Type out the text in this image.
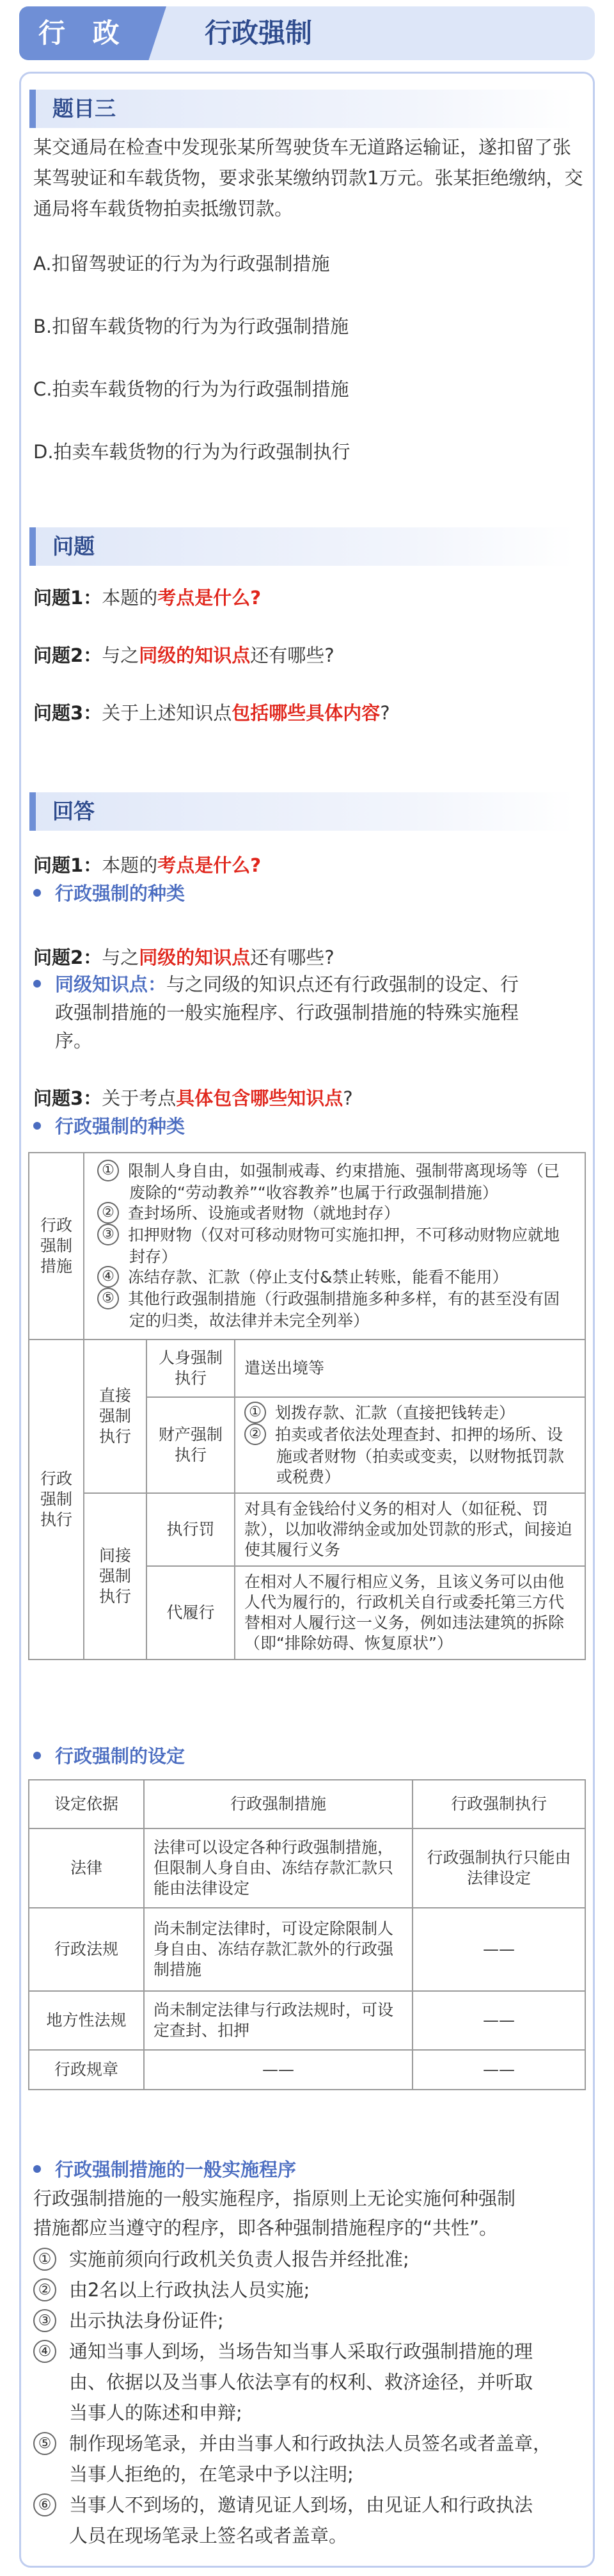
行 政	行政强制
题目三
某交通局在检查中发现张某所驾驶货车无道路运输证，遂扣留了张某驾驶证和车载货物，要求张某缴纳罚款1万元。张某拒绝缴纳，交通局将车载货物拍卖抵缴罚款。
A.扣留驾驶证的行为为行政强制措施
B.扣留车载货物的行为为行政强制措施
C.拍卖车载货物的行为为行政强制措施
D.拍卖车载货物的行为为行政强制执行
问题
问题1：本题的考点是什么?
问题2：与之同级的知识点还有哪些?
问题3：关于上述知识点包括哪些具体内容?
回答
问题1：本题的考点是什么?
行政强制的种类
问题2：与之同级的知识点还有哪些?
同级知识点：与之同级的知识点还有行政强制的设定、行
政强制措施的一般实施程序、行政强制措施的特殊实施程
序。
问题3：关于考点具体包含哪些知识点?
行政强制的种类
行政强制措施	① 限制人身自由，如强制戒毒、约束措施、强制带离现场等（已废除的“劳动教养”“收容教养”也属于行政强制措施）
② 查封场所、设施或者财物（就地封存）
③ 扣押财物（仅对可移动财物可实施扣押，不可移动财物应就地封存）
④ 冻结存款、汇款（停止支付&禁止转账，能看不能用）
⑤ 其他行政强制措施（行政强制措施多种多样，有的甚至没有固定的归类，故法律并未完全列举）		

行政强制执行	直接强制执行	人身强制执行	遣送出境等
		财产强制执行	① 划拨存款、汇款（直接把钱转走）
② 拍卖或者依法处理查封、扣押的场所、设施或者财物（拍卖或变卖，以财物抵罚款或税费）

	间接强制执行	执行罚	对具有金钱给付义务的相对人（如征税、罚款），以加收滞纳金或加处罚款的形式，间接迫使其履行义务
		代履行	在相对人不履行相应义务，且该义务可以由他人代为履行的，行政机关自行或委托第三方代替相对人履行这一义务，例如违法建筑的拆除（即“排除妨碍、恢复原状”）
行政强制的设定
设定依据	行政强制措施	行政强制执行
法律	法律可以设定各种行政强制措施，但限制人身自由、冻结存款汇款只能由法律设定	行政强制执行只能由法律设定
行政法规	尚未制定法律时，可设定除限制人身自由、冻结存款汇款外的行政强制措施	——
地方性法规	尚未制定法律与行政法规时，可设定查封、扣押	——
行政规章	——	——
行政强制措施的一般实施程序
行政强制措施的一般实施程序，指原则上无论实施何种强制
措施都应当遵守的程序，即各种强制措施程序的“共性”。
① 实施前须向行政机关负责人报告并经批准;
② 由2名以上行政执法人员实施;
③ 出示执法身份证件;
④ 通知当事人到场，当场告知当事人采取行政强制措施的理
由、依据以及当事人依法享有的权利、救济途径，并听取
当事人的陈述和申辩;
⑤ 制作现场笔录，并由当事人和行政执法人员签名或者盖章，
当事人拒绝的，在笔录中予以注明;
⑥ 当事人不到场的，邀请见证人到场，由见证人和行政执法
人员在现场笔录上签名或者盖章。
